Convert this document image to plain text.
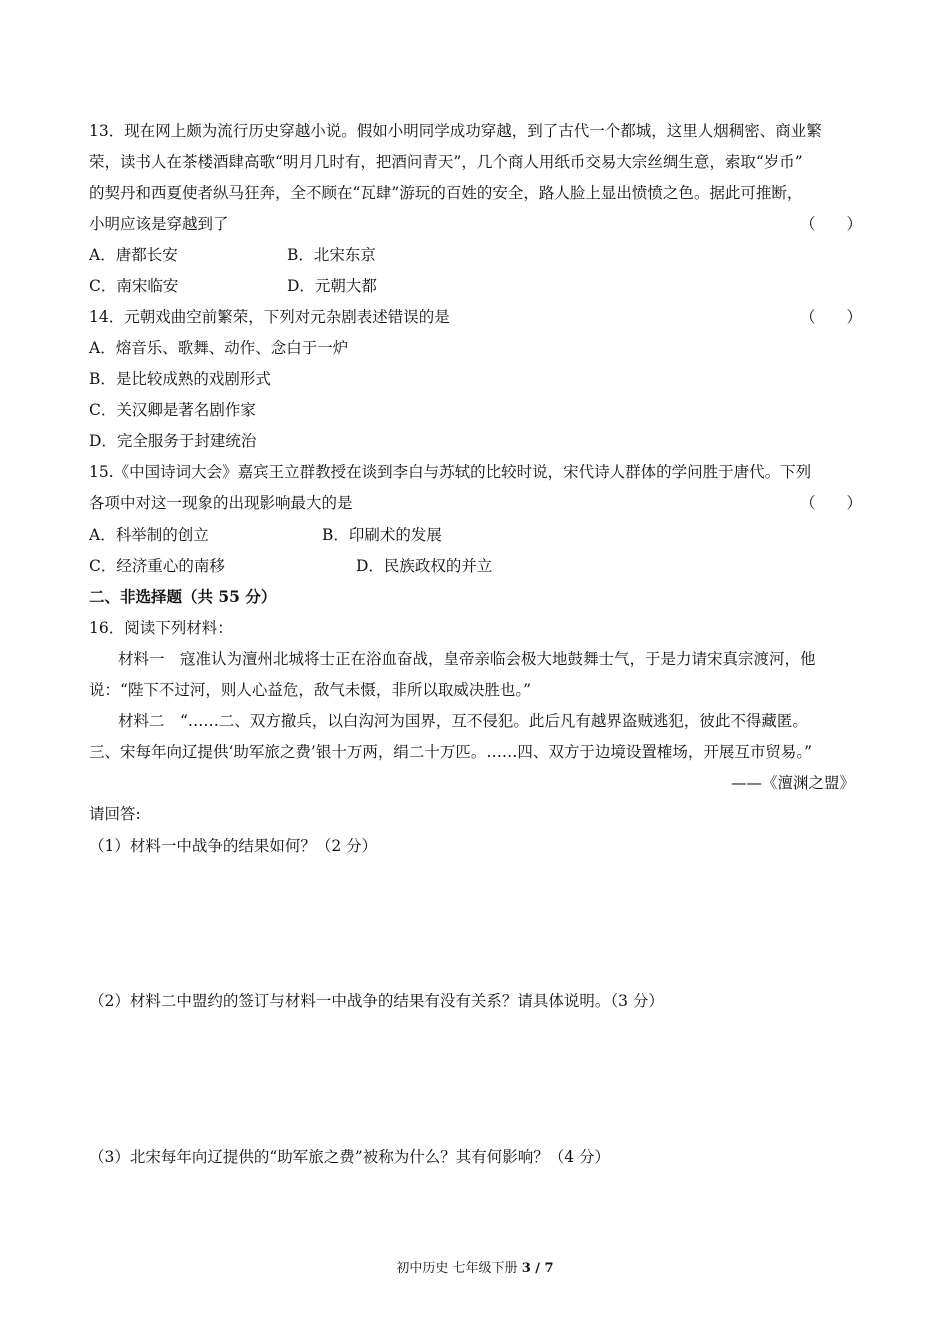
13．现在网上颇为流行历史穿越小说。假如小明同学成功穿越，到了古代一个都城，这里人烟稠密、商业繁
荣，读书人在茶楼酒肆高歌“明月几时有，把酒问青天”，几个商人用纸币交易大宗丝绸生意，索取“岁币”
的契丹和西夏使者纵马狂奔，全不顾在“瓦肆”游玩的百姓的安全，路人脸上显出愤愤之色。据此可推断，
小明应该是穿越到了	（　　）
A．唐都长安	B．北宋东京
C．南宋临安	D．元朝大都
14．元朝戏曲空前繁荣，下列对元杂剧表述错误的是	（　　）
A．熔音乐、歌舞、动作、念白于一炉
B．是比较成熟的戏剧形式
C．关汉卿是著名剧作家
D．完全服务于封建统治
15.《中国诗词大会》嘉宾王立群教授在谈到李白与苏轼的比较时说，宋代诗人群体的学问胜于唐代。下列
各项中对这一现象的出现影响最大的是	（　　）
A．科举制的创立	B．印刷术的发展
C．经济重心的南移	D．民族政权的并立
二、非选择题（共 55 分）
16．阅读下列材料：
材料一　寇准认为澶州北城将士正在浴血奋战，皇帝亲临会极大地鼓舞士气，于是力请宋真宗渡河，他
说：“陛下不过河，则人心益危，敌气未慑，非所以取威决胜也。”
材料二　“……二、双方撤兵，以白沟河为国界，互不侵犯。此后凡有越界盗贼逃犯，彼此不得藏匿。
三、宋每年向辽提供‘助军旅之费’银十万两，绢二十万匹。……四、双方于边境设置榷场，开展互市贸易。”
——《澶渊之盟》
请回答:
（1）材料一中战争的结果如何？（2 分）
（2）材料二中盟约的签订与材料一中战争的结果有没有关系？请具体说明。（3 分）
（3）北宋每年向辽提供的“助军旅之费”被称为什么？其有何影响？（4 分）
初中历史 七年级下册 3 / 7
